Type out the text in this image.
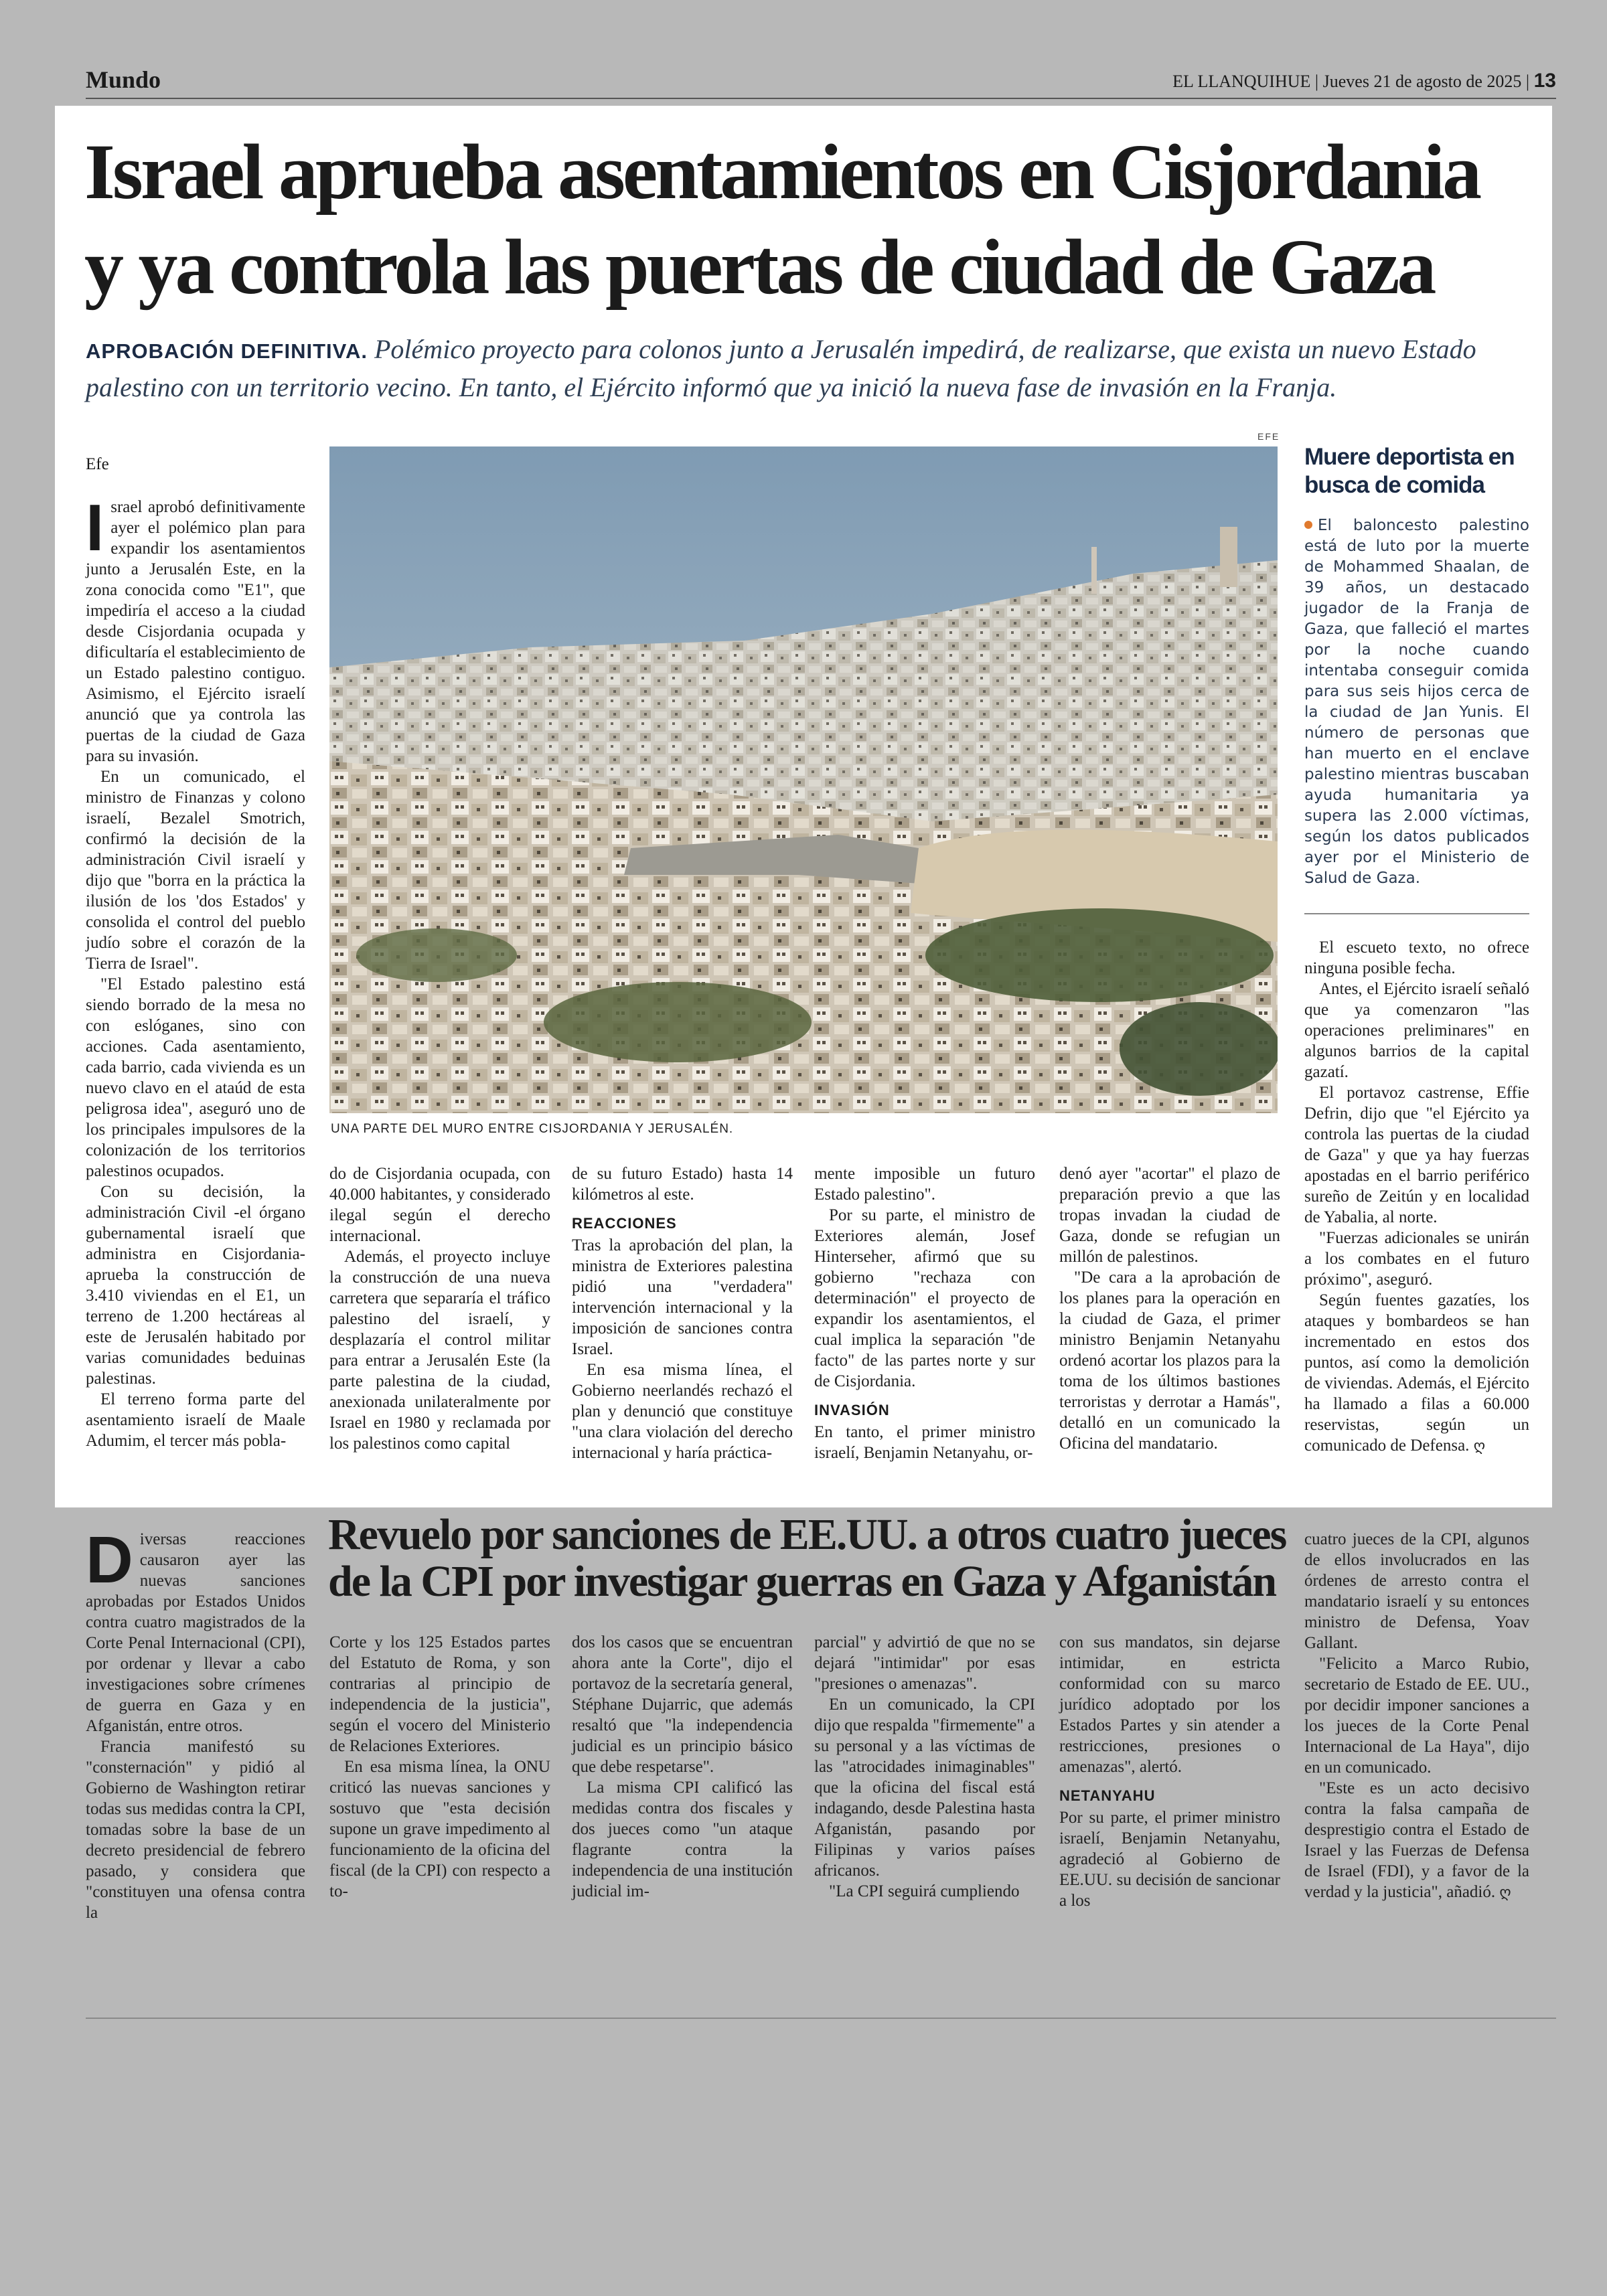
Mundo	EL LLANQUIHUE | Jueves 21 de agosto de 2025 | 13
Israel aprueba asentamientos en Cisjordania y ya controla las puertas de ciudad de Gaza
APROBACIÓN DEFINITIVA. Polémico proyecto para colonos junto a Jerusalén impedirá, de realizarse, que exista un nuevo Estado palestino con un territorio vecino. En tanto, el Ejército informó que ya inició la nueva fase de invasión en la Franja.
Efe

Israel aprobó definitivamente ayer el polémico plan para expandir los asentamientos junto a Jerusalén Este, en la zona conocida como "E1", que impediría el acceso a la ciudad desde Cisjordania ocupada y dificultaría el establecimiento de un Estado palestino contiguo. Asimismo, el Ejército israelí anunció que ya controla las puertas de la ciudad de Gaza para su invasión.

En un comunicado, el ministro de Finanzas y colono israelí, Bezalel Smotrich, confirmó la decisión de la administración Civil israelí y dijo que "borra en la práctica la ilusión de los 'dos Estados' y consolida el control del pueblo judío sobre el corazón de la Tierra de Israel".

"El Estado palestino está siendo borrado de la mesa no con eslóganes, sino con acciones. Cada asentamiento, cada barrio, cada vivienda es un nuevo clavo en el ataúd de esta peligrosa idea", aseguró uno de los principales impulsores de la colonización de los territorios palestinos ocupados.

Con su decisión, la administración Civil -el órgano gubernamental israelí que administra en Cisjordania- aprueba la construcción de 3.410 viviendas en el E1, un terreno de 1.200 hectáreas al este de Jerusalén habitado por varias comunidades beduinas palestinas.

El terreno forma parte del asentamiento israelí de Maale Adumim, el tercer más pobla-

EFE
UNA PARTE DEL MURO ENTRE CISJORDANIA Y JERUSALÉN.

do de Cisjordania ocupada, con 40.000 habitantes, y considerado ilegal según el derecho internacional.

Además, el proyecto incluye la construcción de una nueva carretera que separaría el tráfico palestino del israelí, y desplazaría el control militar para entrar a Jerusalén Este (la parte palestina de la ciudad, anexionada unilateralmente por Israel en 1980 y reclamada por los palestinos como capital

de su futuro Estado) hasta 14 kilómetros al este.

REACCIONES

Tras la aprobación del plan, la ministra de Exteriores palestina pidió una "verdadera" intervención internacional y la imposición de sanciones contra Israel.

En esa misma línea, el Gobierno neerlandés rechazó el plan y denunció que constituye "una clara violación del derecho internacional y haría práctica-

mente imposible un futuro Estado palestino".

Por su parte, el ministro de Exteriores alemán, Josef Hinterseher, afirmó que su gobierno "rechaza con determinación" el proyecto de expandir los asentamientos, el cual implica la separación "de facto" de las partes norte y sur de Cisjordania.

INVASIÓN

En tanto, el primer ministro israelí, Benjamin Netanyahu, or-

denó ayer "acortar" el plazo de preparación previo a que las tropas invadan la ciudad de Gaza, donde se refugian un millón de palestinos.

"De cara a la aprobación de los planes para la operación en la ciudad de Gaza, el primer ministro Benjamin Netanyahu ordenó acortar los plazos para la toma de los últimos bastiones terroristas y derrotar a Hamás", detalló en un comunicado la Oficina del mandatario.

Muere deportista en busca de comida
El baloncesto palestino está de luto por la muerte de Mohammed Shaalan, de 39 años, un destacado jugador de la Franja de Gaza, que falleció el martes por la noche cuando intentaba conseguir comida para sus seis hijos cerca de la ciudad de Jan Yunis. El número de personas que han muerto en el enclave palestino mientras buscaban ayuda humanitaria ya supera las 2.000 víctimas, según los datos publicados ayer por el Ministerio de Salud de Gaza.

El escueto texto, no ofrece ninguna posible fecha.

Antes, el Ejército israelí señaló que ya comenzaron "las operaciones preliminares" en algunos barrios de la capital gazatí.

El portavoz castrense, Effie Defrin, dijo que "el Ejército ya controla las puertas de la ciudad de Gaza" y que ya hay fuerzas apostadas en el barrio periférico sureño de Zeitún y en localidad de Yabalia, al norte.

"Fuerzas adicionales se unirán a los combates en el futuro próximo", aseguró.

Según fuentes gazatíes, los ataques y bombardeos se han incrementado en estos dos puntos, así como la demolición de viviendas. Además, el Ejército ha llamado a filas a 60.000 reservistas, según un comunicado de Defensa. ღ

Revuelo por sanciones de EE.UU. a otros cuatro jueces de la CPI por investigar guerras en Gaza y Afganistán

Diversas reacciones causaron ayer las nuevas sanciones aprobadas por Estados Unidos contra cuatro magistrados de la Corte Penal Internacional (CPI), por ordenar y llevar a cabo investigaciones sobre crímenes de guerra en Gaza y en Afganistán, entre otros.

Francia manifestó su "consternación" y pidió al Gobierno de Washington retirar todas sus medidas contra la CPI, tomadas sobre la base de un decreto presidencial de febrero pasado, y considera que "constituyen una ofensa contra la

Corte y los 125 Estados partes del Estatuto de Roma, y son contrarias al principio de independencia de la justicia", según el vocero del Ministerio de Relaciones Exteriores.

En esa misma línea, la ONU criticó las nuevas sanciones y sostuvo que "esta decisión supone un grave impedimento al funcionamiento de la oficina del fiscal (de la CPI) con respecto a to-

dos los casos que se encuentran ahora ante la Corte", dijo el portavoz de la secretaría general, Stéphane Dujarric, que además resaltó que "la independencia judicial es un principio básico que debe respetarse".

La misma CPI calificó las medidas contra dos fiscales y dos jueces como "un ataque flagrante contra la independencia de una institución judicial im-

parcial" y advirtió de que no se dejará "intimidar" por esas "presiones o amenazas".

En un comunicado, la CPI dijo que respalda "firmemente" a su personal y a las víctimas de las "atrocidades inimaginables" que la oficina del fiscal está indagando, desde Palestina hasta Afganistán, pasando por Filipinas y varios países africanos.

"La CPI seguirá cumpliendo

con sus mandatos, sin dejarse intimidar, en estricta conformidad con su marco jurídico adoptado por los Estados Partes y sin atender a restricciones, presiones o amenazas", alertó.

NETANYAHU

Por su parte, el primer ministro israelí, Benjamin Netanyahu, agradeció al Gobierno de EE.UU. su decisión de sancionar a los

cuatro jueces de la CPI, algunos de ellos involucrados en las órdenes de arresto contra el mandatario israelí y su entonces ministro de Defensa, Yoav Gallant.

"Felicito a Marco Rubio, secretario de Estado de EE. UU., por decidir imponer sanciones a los jueces de la Corte Penal Internacional de La Haya", dijo en un comunicado.

"Este es un acto decisivo contra la falsa campaña de desprestigio contra el Estado de Israel y las Fuerzas de Defensa de Israel (FDI), y a favor de la verdad y la justicia", añadió. ღ
